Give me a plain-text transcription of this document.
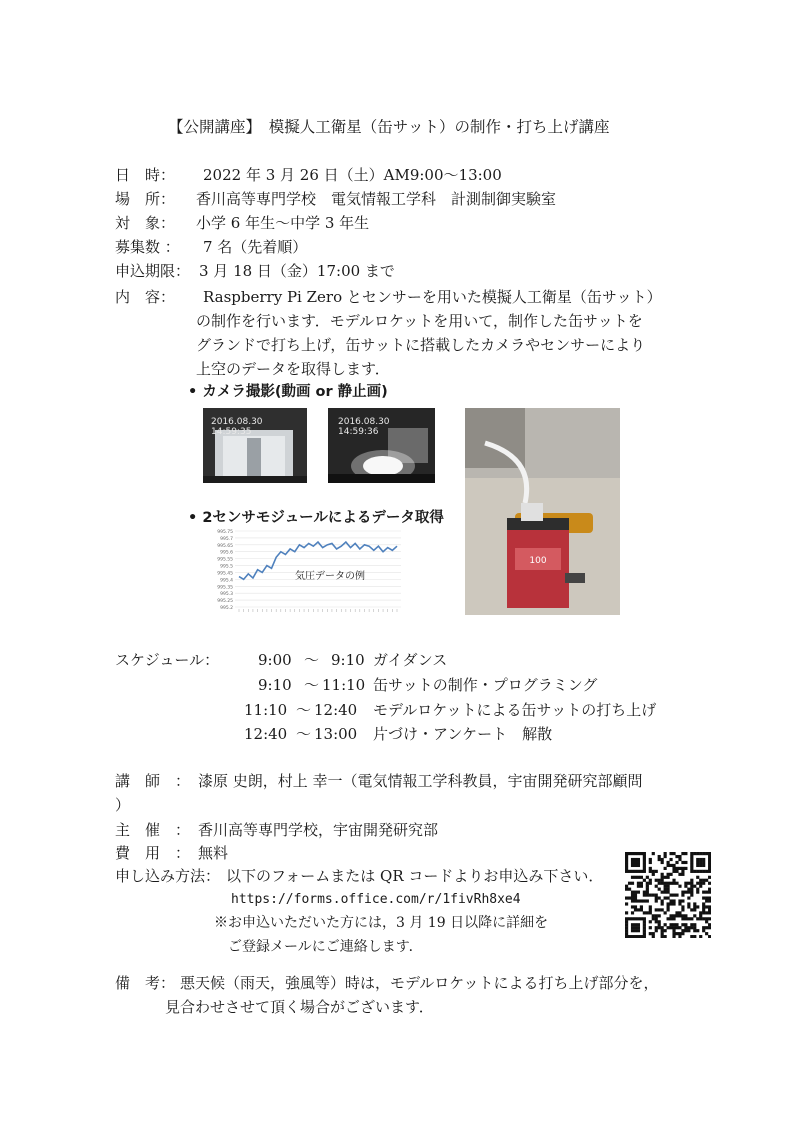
【公開講座】　模擬人工衛星（缶サット）の制作・打ち上げ講座
日　時： 2022 年 3 月 26 日（土）AM9:00～13:00
場　所： 香川高等専門学校　電気情報工学科　計測制御実験室
対　象： 小学 6 年生～中学 3 年生
募集数 ： 7 名（先着順）
申込期限： 3 月 18 日（金）17:00 まで
内　容： Raspberry Pi Zero とセンサーを用いた模擬人工衛星（缶サット）
の制作を行います．モデルロケットを用いて，制作した缶サットを
グランドで打ち上げ，缶サットに搭載したカメラやセンサーにより
上空のデータを取得します．
• カメラ撮影(動画 or 静止画)
2016.08.30　14:59:35
2016.08.30　14:59:36
100
• 2センサモジュールによるデータ取得
995.75
995.7
995.65
995.6
995.55
995.5
995.45
995.4
995.35
995.3
995.25
995.2
気圧データの例
スケジュール：	9:00 〜 9:10 ガイダンス
9:10 〜 11:10 缶サットの制作・プログラミング
11:10 〜 12:40 モデルロケットによる缶サットの打ち上げ
12:40 〜 13:00 片づけ・アンケート　解散
講　師　： 漆原 史朗，村上 幸一（電気情報工学科教員，宇宙開発研究部顧問
）
主　催　： 香川高等専門学校，宇宙開発研究部
費　用　： 無料
申し込み方法： 以下のフォームまたは QR コードよりお申込み下さい．
https://forms.office.com/r/1fivRh8xe4
※お申込いただいた方には，3 月 19 日以降に詳細を
ご登録メールにご連絡します．
備　考： 悪天候（雨天，強風等）時は，モデルロケットによる打ち上げ部分を，
見合わせさせて頂く場合がございます．
